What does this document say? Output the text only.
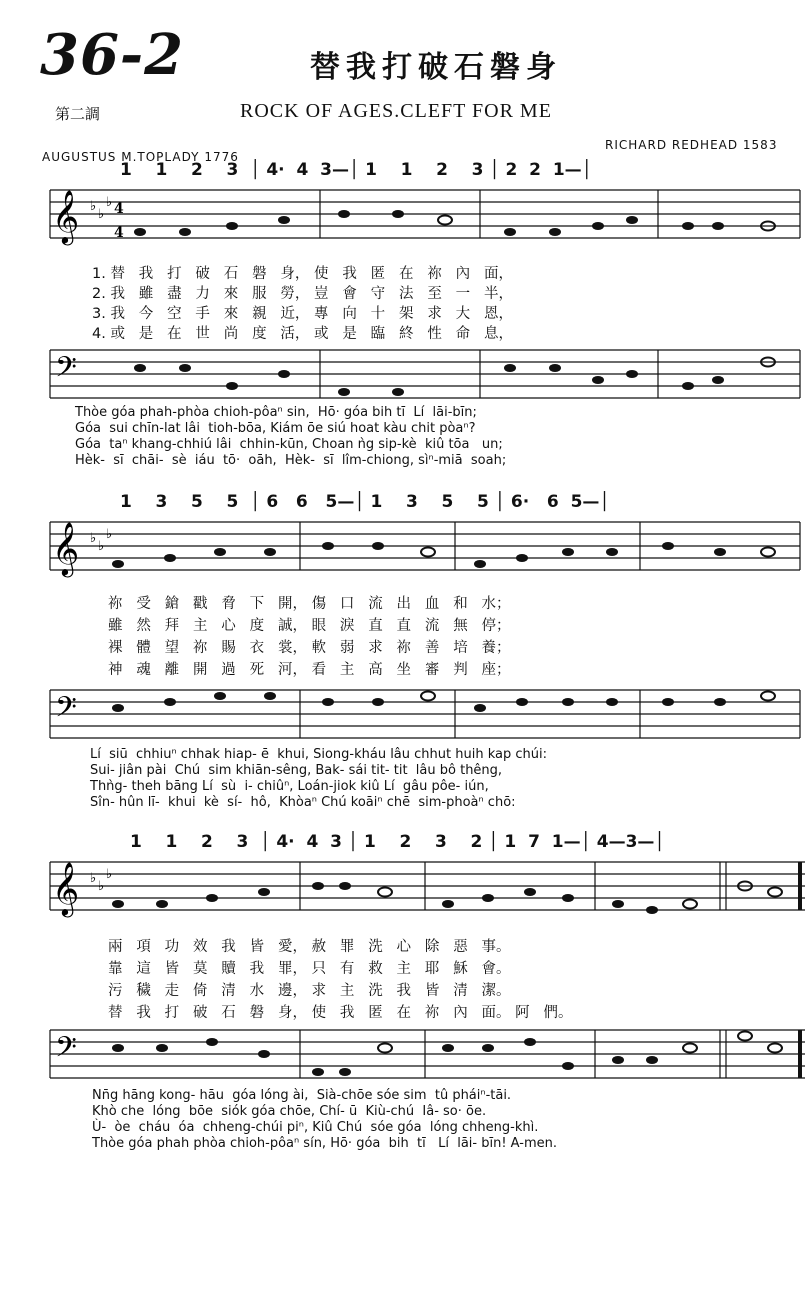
36-2	替我打破石磐身
第二調	ROCK OF AGES.CLEFT FOR ME
AUGUSTUS M.TOPLADY 1776
RICHARD REDHEAD 1583
1    1    2    3  │ 4·  4  3—│ 1    1    2    3 │ 2  2  1—│
𝄞 ♭
♭
♭ 4
4
1. 替   我   打   破   石   磐   身， 使   我   匿   在   祢   內   面，
2. 我   雖   盡   力   來   服   勞， 豈   會   守   法   至   一   半，
3. 我   今   空   手   來   親   近， 專   向   十   架   求   大   恩，
4. 或   是   在   世   尚   度   活， 或   是   臨   終   性   命   息，
𝄢
Thòe góa phah-phòa chioh-pôaⁿ sin,  Hō· góa bih tī  Lí  lāi-bīn;
Góa  sui chīn-lat lâi  tioh-bōa, Kiám ōe siú hoat kàu chit pòaⁿ?
Góa  taⁿ khang-chhiú lâi  chhin-kūn, Choan ǹg sip-kè  kiû tōa   un;
Hèk-  sī  chāi-  sè  iáu  tō·  oāh,  Hèk-  sī  lîm-chiong, sìⁿ-miā  soah;
1    3    5    5  │ 6   6   5—│ 1    3    5    5 │ 6·   6  5—│
𝄞 ♭
♭
♭
祢   受   鎗   戳   脅   下   開， 傷   口   流   出   血   和   水；
雖   然   拜   主   心   度   誠， 眼   淚   直   直   流   無   停；
裸   體   望   祢   賜   衣   裳， 軟   弱   求   祢   善   培   養；
神   魂   離   開   過   死   河， 看   主   高   坐   審   判   座；
𝄢
Lí  siū  chhiuⁿ chhak hiap- ē  khui, Siong-kháu lâu chhut huih kap chúi:
Sui- jiân pài  Chú  sim khiān-sêng, Bak- sái tit- tit  lâu bô thêng,
Thǹg- theh bāng Lí  sù  i- chiûⁿ, Loán-jiok kiû Lí  gâu pôe- iún,
Sîn- hûn lī-  khui  kè  sí-  hô,  Khòaⁿ Chú koāiⁿ chē  sim-phoàⁿ chō:
1    1    2    3  │ 4·  4  3 │ 1    2    3    2 │ 1  7  1—│ 4—3—│
𝄞 ♭
♭
♭
兩   項   功   效   我   皆   愛， 赦   罪   洗   心   除   惡   事。
靠   這   皆   莫   贖   我   罪， 只   有   救   主   耶   穌   會。
污   穢   走   倚   清   水   邊， 求   主   洗   我   皆   清   潔。
替   我   打   破   石   磐   身， 使   我   匿   在   祢   內   面。 阿   們。
𝄢
Nn̄g hāng kong- hāu  góa lóng ài,  Sià-chōe sóe sim  tû pháiⁿ-tāi.
Khò che  lóng  bōe  siók góa chōe, Chí- ū  Kiù-chú  Iâ- so· ōe.
Ù-  òe  cháu  óa  chheng-chúi piⁿ, Kiû Chú  sóe góa  lóng chheng-khì.
Thòe góa phah phòa chioh-pôaⁿ sín, Hō· góa  bih  tī   Lí  lāi- bīn! A-men.
